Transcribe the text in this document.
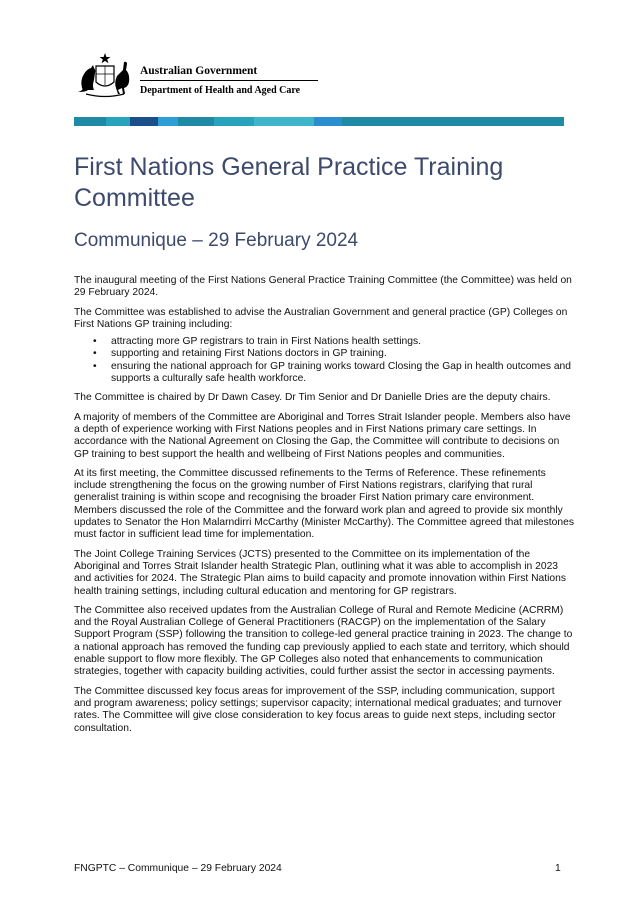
Australian Government
Department of Health and Aged Care
First Nations General Practice Training Committee
Communique – 29 February 2024

The inaugural meeting of the First Nations General Practice Training Committee (the Committee) was held on 29 February 2024.

The Committee was established to advise the Australian Government and general practice (GP) Colleges on First Nations GP training including:

• attracting more GP registrars to train in First Nations health settings.
• supporting and retaining First Nations doctors in GP training.
• ensuring the national approach for GP training works toward Closing the Gap in health outcomes and supports a culturally safe health workforce.

The Committee is chaired by Dr Dawn Casey. Dr Tim Senior and Dr Danielle Dries are the deputy chairs.

A majority of members of the Committee are Aboriginal and Torres Strait Islander people. Members also have a depth of experience working with First Nations peoples and in First Nations primary care settings. In accordance with the National Agreement on Closing the Gap, the Committee will contribute to decisions on GP training to best support the health and wellbeing of First Nations peoples and communities.

At its first meeting, the Committee discussed refinements to the Terms of Reference. These refinements include strengthening the focus on the growing number of First Nations registrars, clarifying that rural generalist training is within scope and recognising the broader First Nation primary care environment. Members discussed the role of the Committee and the forward work plan and agreed to provide six monthly updates to Senator the Hon Malarndirri McCarthy (Minister McCarthy). The Committee agreed that milestones must factor in sufficient lead time for implementation.

The Joint College Training Services (JCTS) presented to the Committee on its implementation of the Aboriginal and Torres Strait Islander health Strategic Plan, outlining what it was able to accomplish in 2023 and activities for 2024. The Strategic Plan aims to build capacity and promote innovation within First Nations health training settings, including cultural education and mentoring for GP registrars.

The Committee also received updates from the Australian College of Rural and Remote Medicine (ACRRM) and the Royal Australian College of General Practitioners (RACGP) on the implementation of the Salary Support Program (SSP) following the transition to college-led general practice training in 2023. The change to a national approach has removed the funding cap previously applied to each state and territory, which should enable support to flow more flexibly. The GP Colleges also noted that enhancements to communication strategies, together with capacity building activities, could further assist the sector in accessing payments.

The Committee discussed key focus areas for improvement of the SSP, including communication, support and program awareness; policy settings; supervisor capacity; international medical graduates; and turnover rates. The Committee will give close consideration to key focus areas to guide next steps, including sector consultation.

FNGPTC – Communique – 29 February 2024	1
